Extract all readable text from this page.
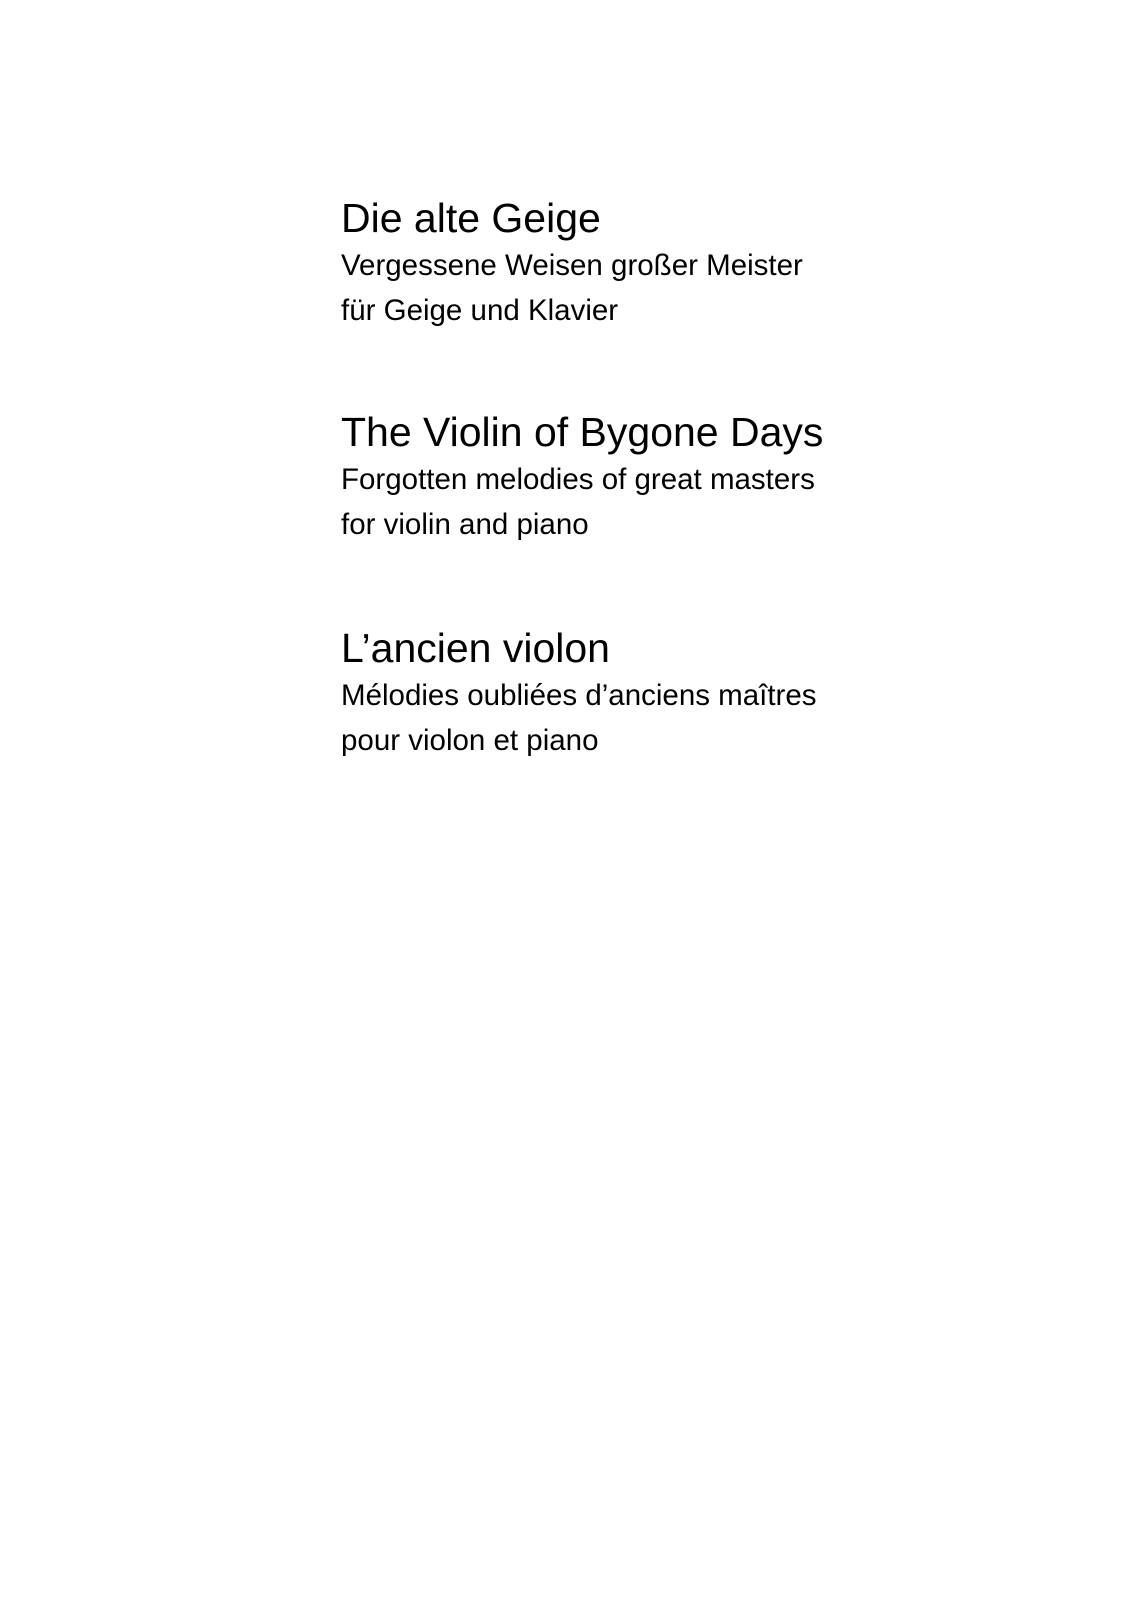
Die alte Geige

Vergessene Weisen großer Meister

für Geige und Klavier

The Violin of Bygone Days

Forgotten melodies of great masters

for violin and piano

L’ancien violon

Mélodies oubliées d’anciens maîtres

pour violon et piano
